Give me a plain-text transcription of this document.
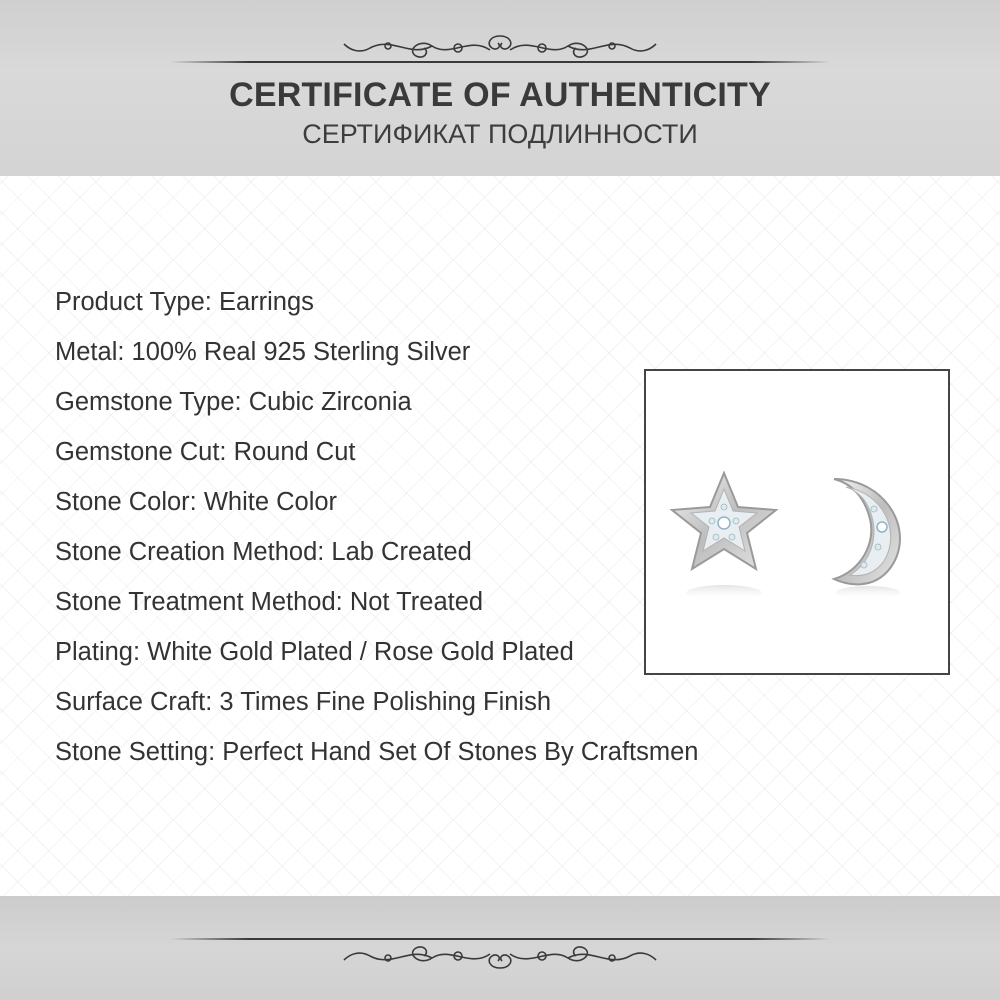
CERTIFICATE OF AUTHENTICITY
СЕРТИФИКАТ ПОДЛИННОСТИ
Product Type: Earrings
Metal: 100% Real 925 Sterling Silver
Gemstone Type: Cubic Zirconia
Gemstone Cut: Round Cut
Stone Color: White Color
Stone Creation Method: Lab Created
Stone Treatment Method: Not Treated
Plating: White Gold Plated / Rose Gold Plated
Surface Craft: 3 Times Fine Polishing Finish
Stone Setting: Perfect Hand Set Of Stones By Craftsmen
